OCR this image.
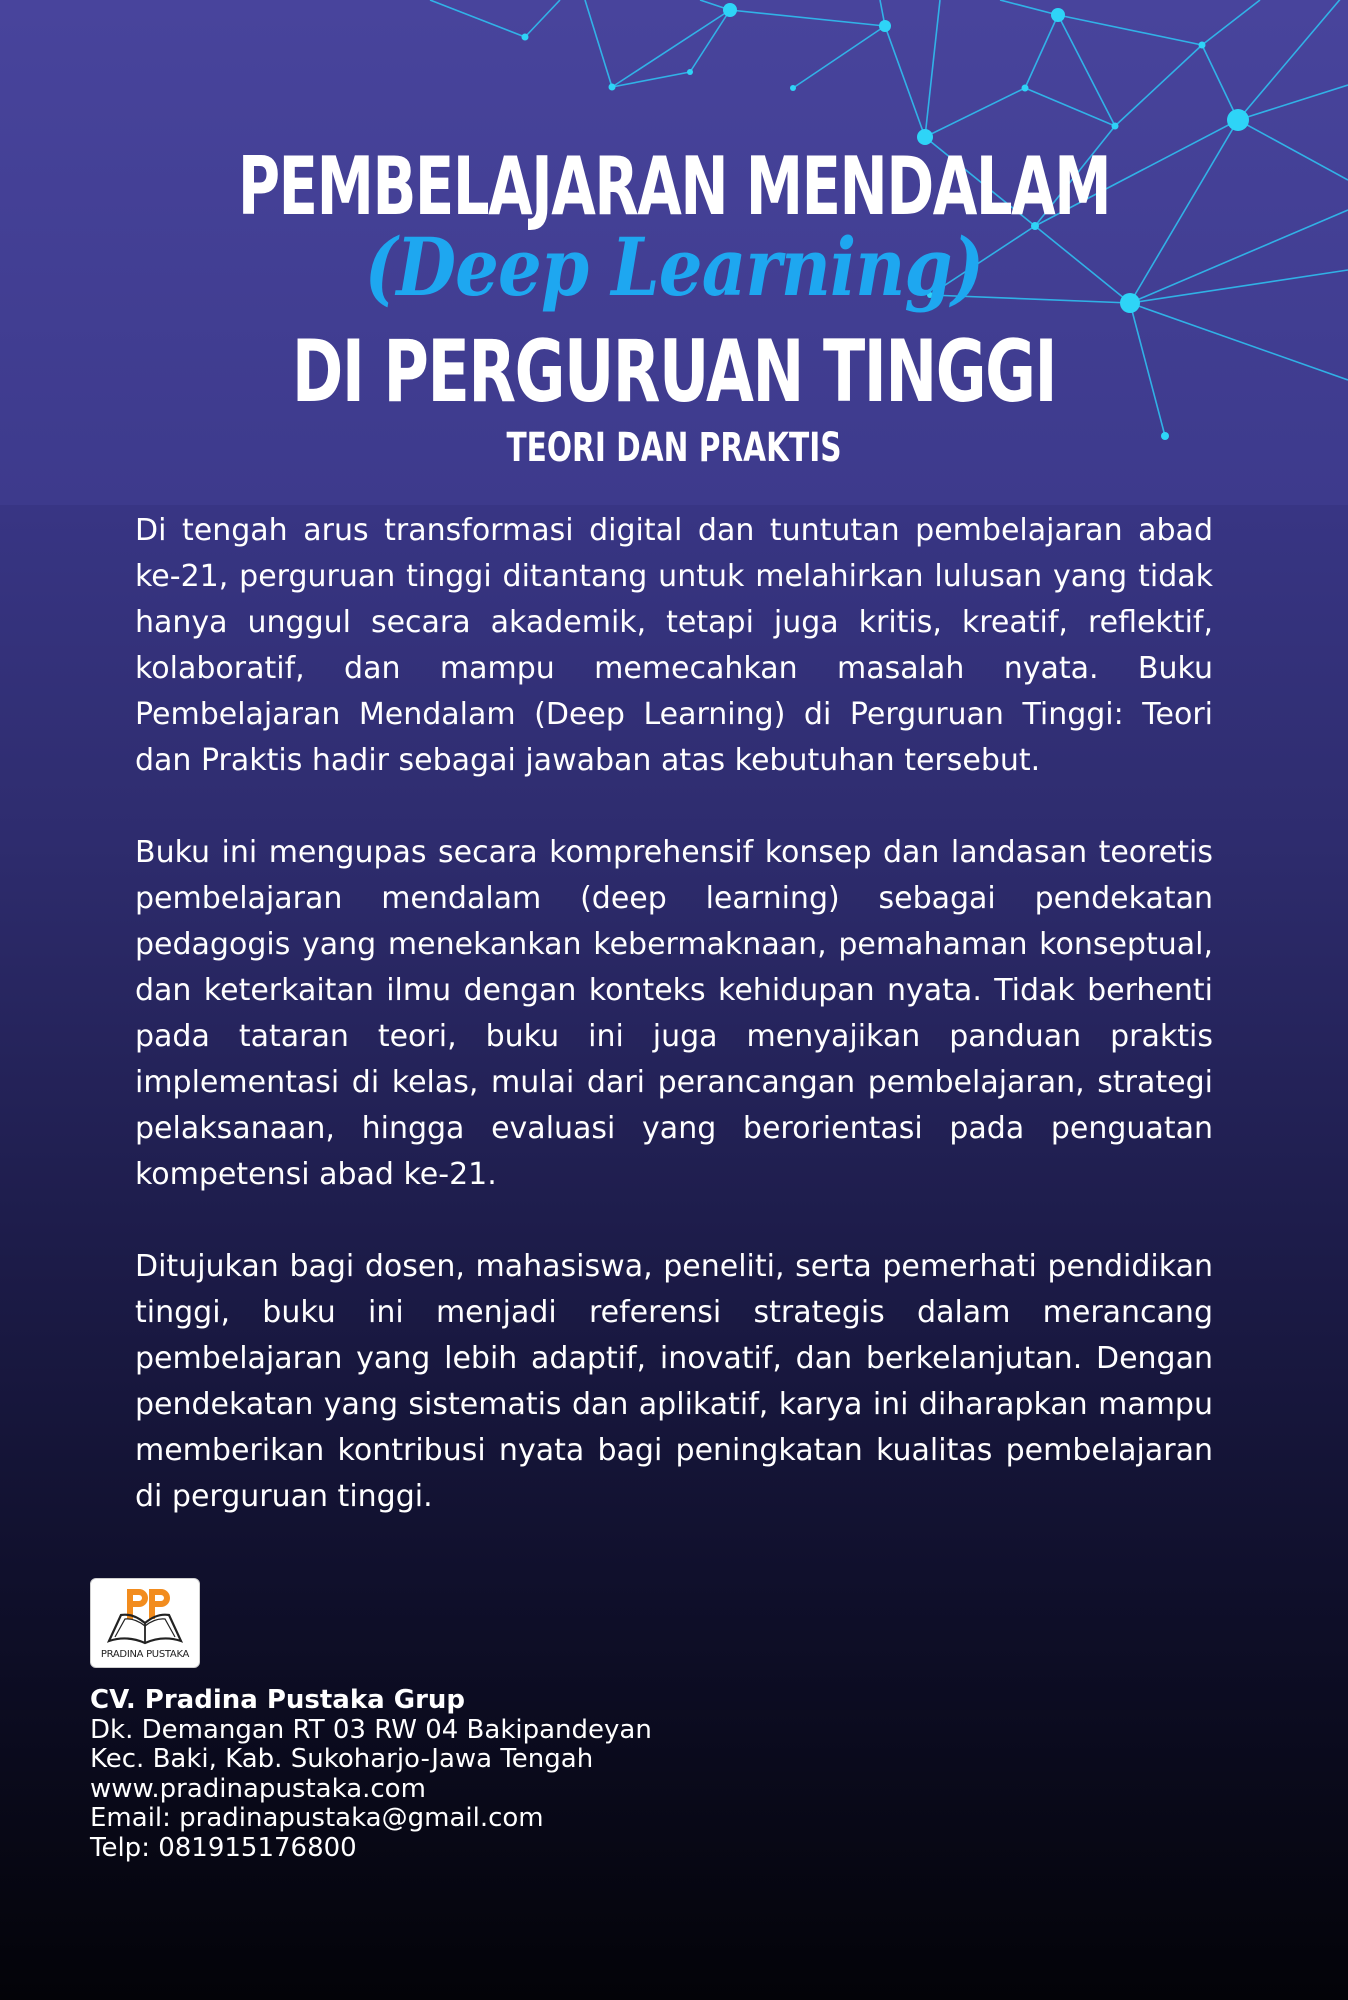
PEMBELAJARAN MENDALAM
(Deep Learning)
DI PERGURUAN TINGGI
TEORI DAN PRAKTIS

Di tengah arus transformasi digital dan tuntutan pembelajaran abad ke-21, perguruan tinggi ditantang untuk melahirkan lulusan yang tidak hanya unggul secara akademik, tetapi juga kritis, kreatif, reflektif, kolaboratif, dan mampu memecahkan masalah nyata. Buku Pembelajaran Mendalam (Deep Learning) di Perguruan Tinggi: Teori dan Praktis hadir sebagai jawaban atas kebutuhan tersebut.

Buku ini mengupas secara komprehensif konsep dan landasan teoretis pembelajaran mendalam (deep learning) sebagai pendekatan pedagogis yang menekankan kebermaknaan, pemahaman konseptual, dan keterkaitan ilmu dengan konteks kehidupan nyata. Tidak berhenti pada tataran teori, buku ini juga menyajikan panduan praktis implementasi di kelas, mulai dari perancangan pembelajaran, strategi pelaksanaan, hingga evaluasi yang berorientasi pada penguatan kompetensi abad ke-21.

Ditujukan bagi dosen, mahasiswa, peneliti, serta pemerhati pendidikan tinggi, buku ini menjadi referensi strategis dalam merancang pembelajaran yang lebih adaptif, inovatif, dan berkelanjutan. Dengan pendekatan yang sistematis dan aplikatif, karya ini diharapkan mampu memberikan kontribusi nyata bagi peningkatan kualitas pembelajaran di perguruan tinggi.

PRADINA PUSTAKA
CV. Pradina Pustaka Grup
Dk. Demangan RT 03 RW 04 Bakipandeyan
Kec. Baki, Kab. Sukoharjo-Jawa Tengah
www.pradinapustaka.com
Email: pradinapustaka@gmail.com
Telp: 081915176800
